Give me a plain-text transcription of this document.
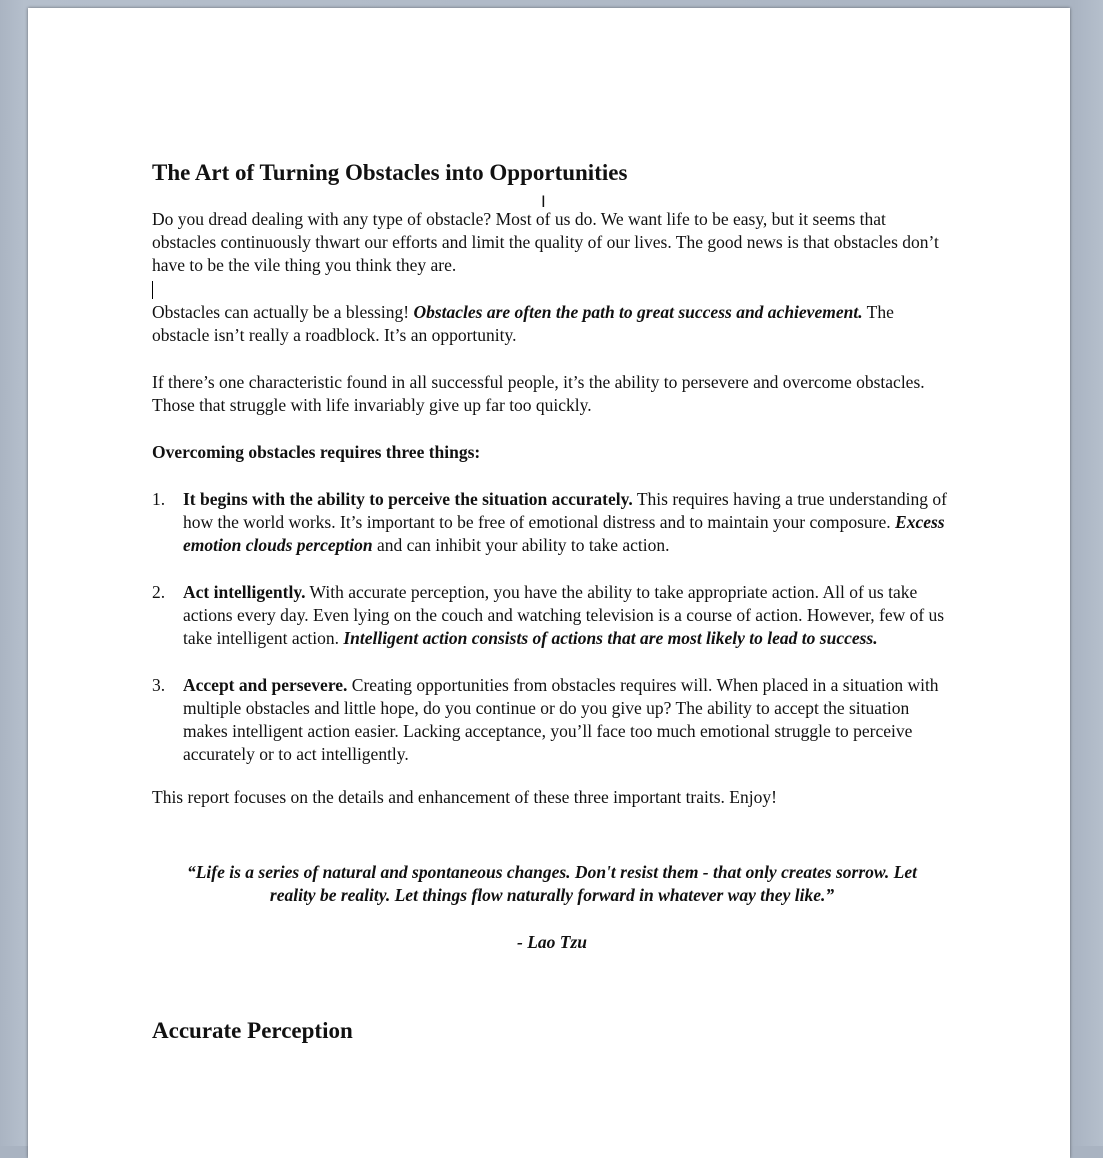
The Art of Turning Obstacles into Opportunities

Do you dread dealing with any type of obstacle? Most of us do. We want life to be easy, but it seems that obstacles continuously thwart our efforts and limit the quality of our lives. The good news is that obstacles don’t have to be the vile thing you think they are.
I

Obstacles can actually be a blessing! Obstacles are often the path to great success and achievement. The obstacle isn’t really a roadblock. It’s an opportunity.

If there’s one characteristic found in all successful people, it’s the ability to persevere and overcome obstacles. Those that struggle with life invariably give up far too quickly.

Overcoming obstacles requires three things:

1. It begins with the ability to perceive the situation accurately. This requires having a true understanding of how the world works. It’s important to be free of emotional distress and to maintain your composure. Excess emotion clouds perception and can inhibit your ability to take action.
2. Act intelligently. With accurate perception, you have the ability to take appropriate action. All of us take actions every day. Even lying on the couch and watching television is a course of action. However, few of us take intelligent action. Intelligent action consists of actions that are most likely to lead to success.
3. Accept and persevere. Creating opportunities from obstacles requires will. When placed in a situation with multiple obstacles and little hope, do you continue or do you give up? The ability to accept the situation makes intelligent action easier. Lacking acceptance, you’ll face too much emotional struggle to perceive accurately or to act intelligently.

This report focuses on the details and enhancement of these three important traits. Enjoy!

“Life is a series of natural and spontaneous changes. Don't resist them - that only creates sorrow. Let reality be reality. Let things flow naturally forward in whatever way they like.”

- Lao Tzu

Accurate Perception
